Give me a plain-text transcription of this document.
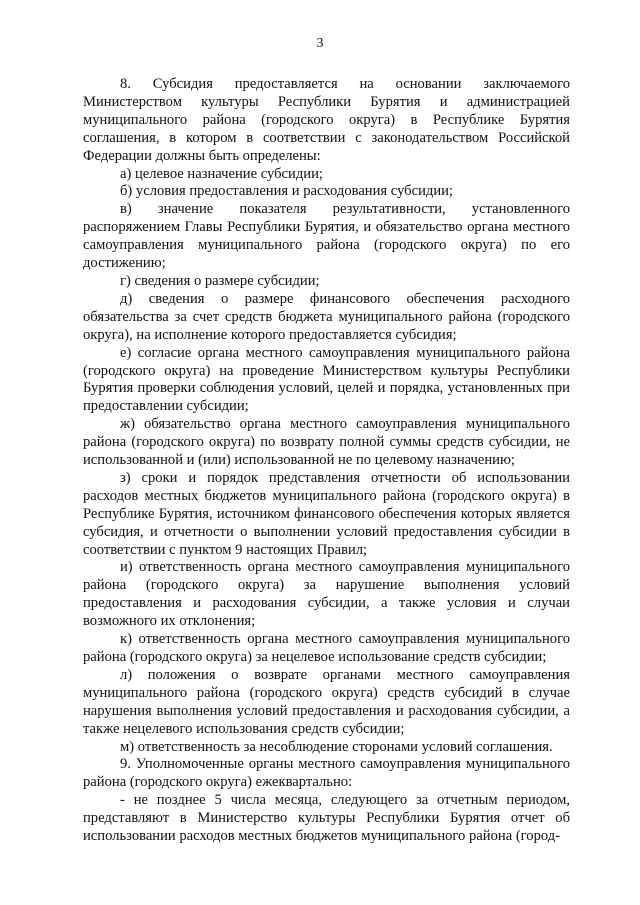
3

8. Субсидия предоставляется на основании заключаемого Министерством культуры Республики Бурятия и администрацией муниципального района (городского округа) в Республике Бурятия соглашения, в котором в соответствии с законодательством Российской Федерации должны быть определены:

а) целевое назначение субсидии;

б) условия предоставления и расходования субсидии;

в) значение показателя результативности, установленного распоряжением Главы Республики Бурятия, и обязательство органа местного самоуправления муниципального района (городского округа) по его достижению;

г) сведения о размере субсидии;

д) сведения о размере финансового обеспечения расходного обязательства за счет средств бюджета муниципального района (городского округа), на исполнение которого предоставляется субсидия;

е) согласие органа местного самоуправления муниципального района (городского округа) на проведение Министерством культуры Республики Бурятия проверки соблюдения условий, целей и порядка, установленных при предоставлении субсидии;

ж) обязательство органа местного самоуправления муниципального района (городского округа) по возврату полной суммы средств субсидии, не использованной и (или) использованной не по целевому назначению;

з) сроки и порядок представления отчетности об использовании расходов местных бюджетов муниципального района (городского округа) в Республике Бурятия, источником финансового обеспечения которых является субсидия, и отчетности о выполнении условий предоставления субсидии в соответствии с пунктом 9 настоящих Правил;

и) ответственность органа местного самоуправления муниципального района (городского округа) за нарушение выполнения условий предоставления и расходования субсидии, а также условия и случаи возможного их отклонения;

к) ответственность органа местного самоуправления муниципального района (городского округа) за нецелевое использование средств субсидии;

л) положения о возврате органами местного самоуправления муниципального района (городского округа) средств субсидий в случае нарушения выполнения условий предоставления и расходования субсидии, а также нецелевого использования средств субсидии;

м) ответственность за несоблюдение сторонами условий соглашения.

9. Уполномоченные органы местного самоуправления муниципального района (городского округа) ежеквартально:

- не позднее 5 числа месяца, следующего за отчетным периодом, представляют в Министерство культуры Республики Бурятия отчет об использовании расходов местных бюджетов муниципального района (город-
